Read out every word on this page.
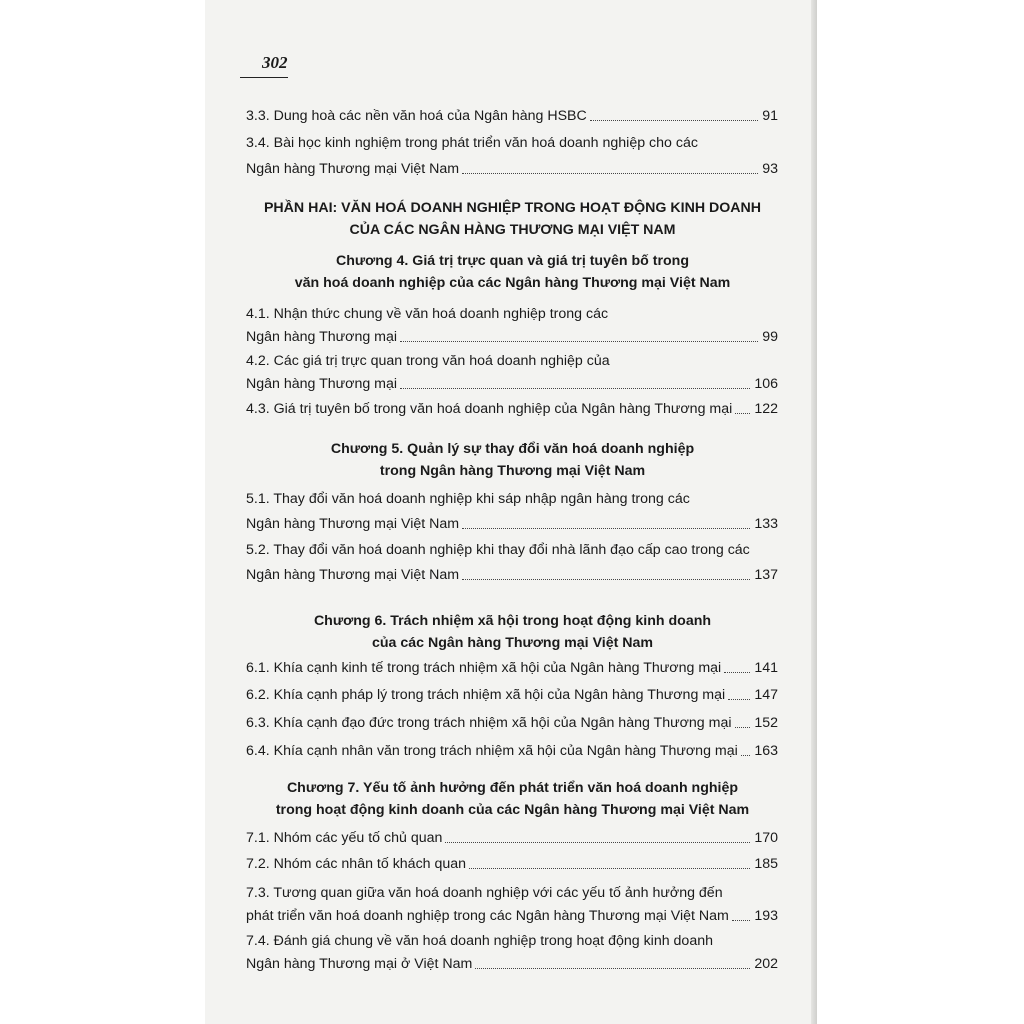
302
3.3. Dung hoà các nền văn hoá của Ngân hàng HSBC	91
3.4. Bài học kinh nghiệm trong phát triển văn hoá doanh nghiệp cho các
Ngân hàng Thương mại Việt Nam	93
PHẦN HAI: VĂN HOÁ DOANH NGHIỆP TRONG HOẠT ĐỘNG KINH DOANH
CỦA CÁC NGÂN HÀNG THƯƠNG MẠI VIỆT NAM
Chương 4. Giá trị trực quan và giá trị tuyên bố trong
văn hoá doanh nghiệp của các Ngân hàng Thương mại Việt Nam
4.1. Nhận thức chung về văn hoá doanh nghiệp trong các
Ngân hàng Thương mại	99
4.2. Các giá trị trực quan trong văn hoá doanh nghiệp của
Ngân hàng Thương mại	106
4.3. Giá trị tuyên bố trong văn hoá doanh nghiệp của Ngân hàng Thương mại 122
Chương 5. Quản lý sự thay đổi văn hoá doanh nghiệp
trong Ngân hàng Thương mại Việt Nam
5.1. Thay đổi văn hoá doanh nghiệp khi sáp nhập ngân hàng trong các
Ngân hàng Thương mại Việt Nam	133
5.2. Thay đổi văn hoá doanh nghiệp khi thay đổi nhà lãnh đạo cấp cao trong các
Ngân hàng Thương mại Việt Nam	137
Chương 6. Trách nhiệm xã hội trong hoạt động kinh doanh
của các Ngân hàng Thương mại Việt Nam
6.1. Khía cạnh kinh tế trong trách nhiệm xã hội của Ngân hàng Thương mại 141
6.2. Khía cạnh pháp lý trong trách nhiệm xã hội của Ngân hàng Thương mại 147
6.3. Khía cạnh đạo đức trong trách nhiệm xã hội của Ngân hàng Thương mại 152
6.4. Khía cạnh nhân văn trong trách nhiệm xã hội của Ngân hàng Thương mại 163
Chương 7. Yếu tố ảnh hưởng đến phát triển văn hoá doanh nghiệp
trong hoạt động kinh doanh của các Ngân hàng Thương mại Việt Nam
7.1. Nhóm các yếu tố chủ quan	170
7.2. Nhóm các nhân tố khách quan	185
7.3. Tương quan giữa văn hoá doanh nghiệp với các yếu tố ảnh hưởng đến
phát triển văn hoá doanh nghiệp trong các Ngân hàng Thương mại Việt Nam 193
7.4. Đánh giá chung về văn hoá doanh nghiệp trong hoạt động kinh doanh
Ngân hàng Thương mại ở Việt Nam	202
